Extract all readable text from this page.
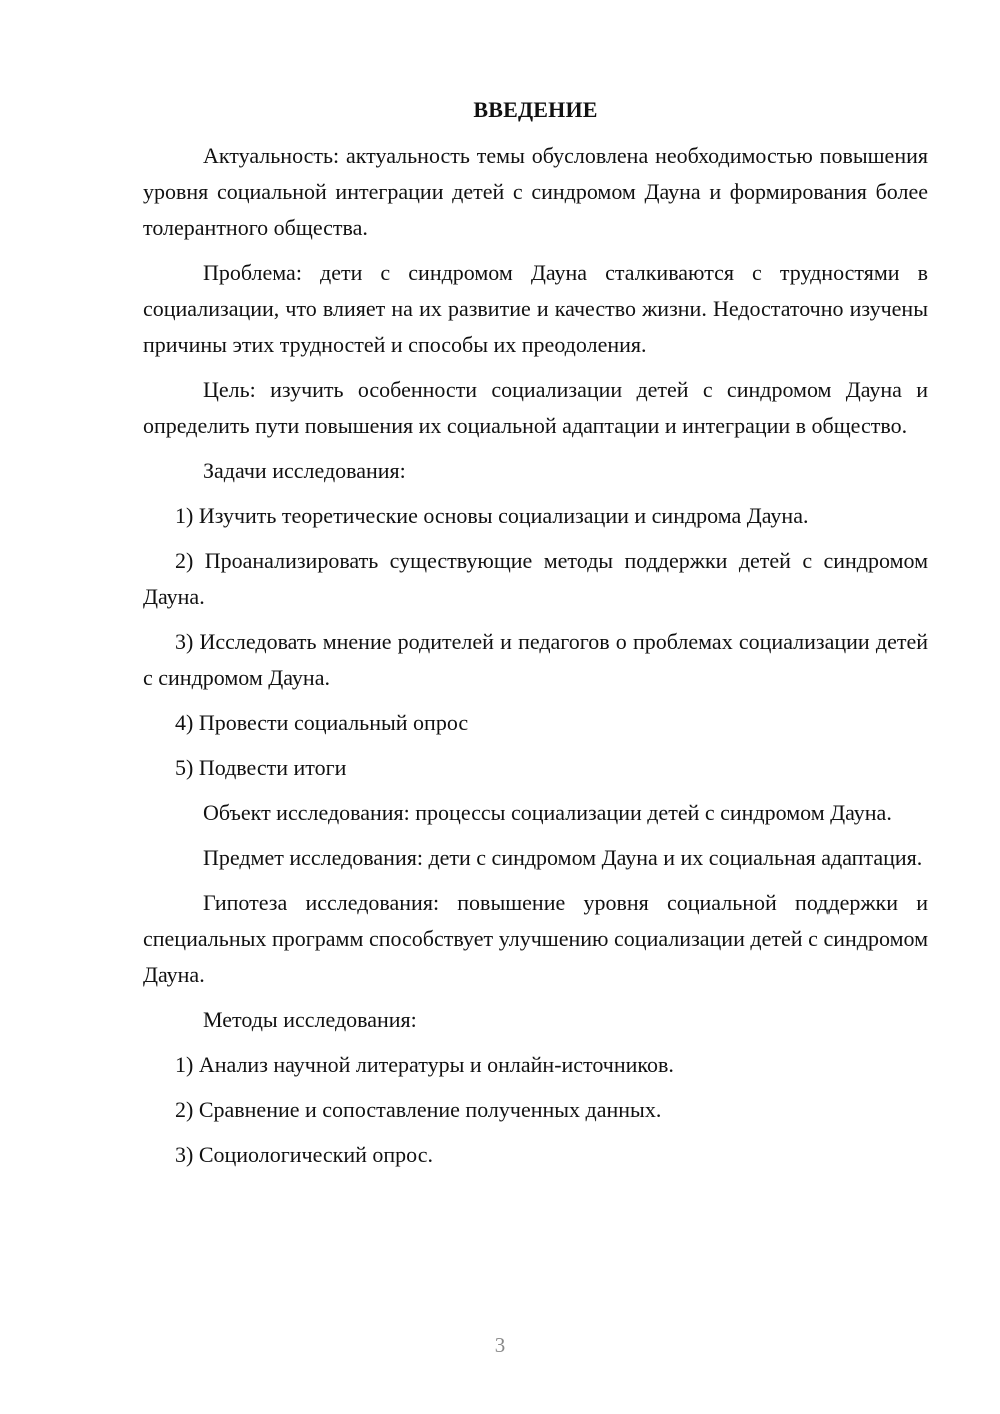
ВВЕДЕНИЕ

Актуальность: актуальность темы обусловлена необходимостью повышения уровня социальной интеграции детей с синдромом Дауна и формирования более толерантного общества.

Проблема: дети с синдромом Дауна сталкиваются с трудностями в социализации, что влияет на их развитие и качество жизни. Недостаточно изучены причины этих трудностей и способы их преодоления.

Цель: изучить особенности социализации детей с синдромом Дауна и определить пути повышения их социальной адаптации и интеграции в общество.

Задачи исследования:

1) Изучить теоретические основы социализации и синдрома Дауна.

2) Проанализировать существующие методы поддержки детей с синдромом Дауна.

3) Исследовать мнение родителей и педагогов о проблемах социализации детей с синдромом Дауна.

4) Провести социальный опрос

5) Подвести итоги

Объект исследования: процессы социализации детей с синдромом Дауна.

Предмет исследования: дети с синдромом Дауна и их социальная адаптация.

Гипотеза исследования: повышение уровня социальной поддержки и специальных программ способствует улучшению социализации детей с синдромом Дауна.

Методы исследования:

1) Анализ научной литературы и онлайн-источников.

2) Сравнение и сопоставление полученных данных.

3) Социологический опрос.

3
